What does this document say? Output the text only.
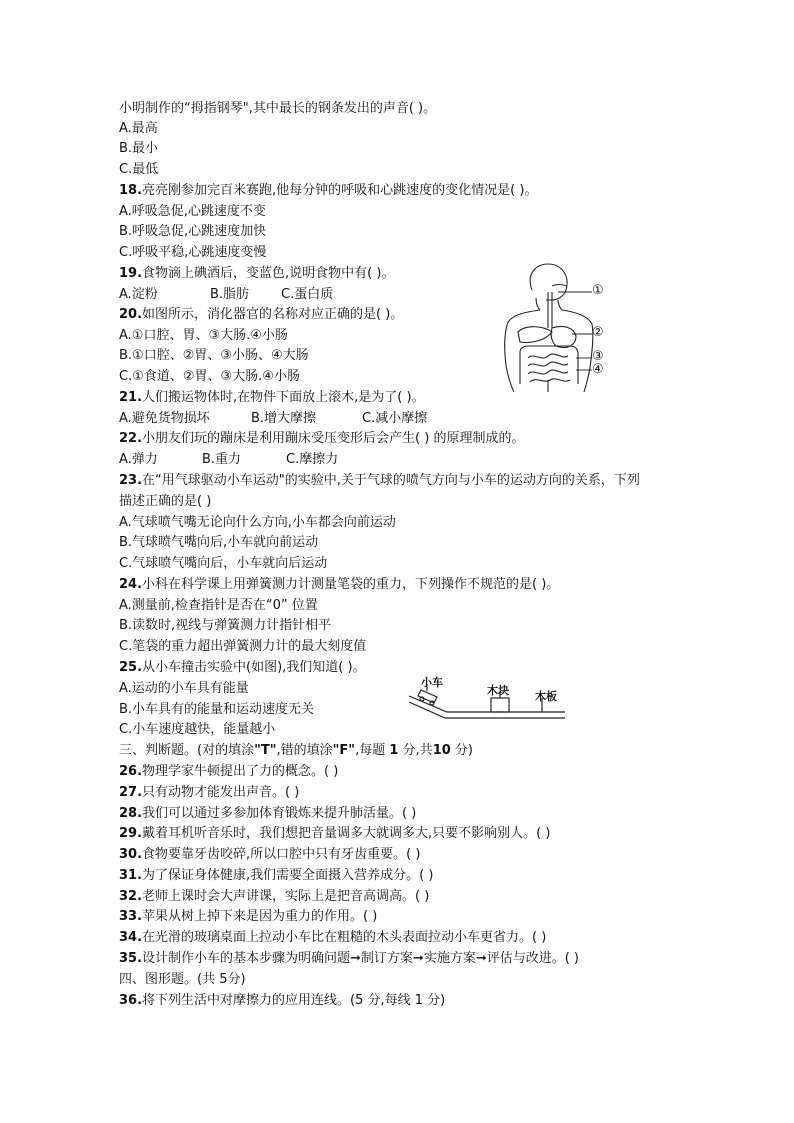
小明制作的“拇指钢琴",其中最长的钢条发出的声音( )。
A.最高
B.最小
C.最低
18.亮亮刚参加完百米赛跑,他每分钟的呼吸和心跳速度的变化情况是( )。
A.呼吸急促,心跳速度不变
B.呼吸急促,心跳速度加快
C.呼吸平稳,心跳速度变慢
19.食物滴上碘酒后，变蓝色,说明食物中有( )。
A.淀粉	B.脂肪 C.蛋白质
20.如图所示，消化器官的名称对应正确的是( )。
A.①口腔、胃、③大肠.④小肠
B.①口腔、②胃、③小肠、④大肠
C.①食道、②胃、③大肠.④小肠
①
②
③
④
21.人们搬运物体时,在物件下面放上滚木,是为了( )。
A.避免货物损坏	B.增大摩擦	C.减小摩擦
22.小朋友们玩的蹦床是利用蹦床受压变形后会产生( ) 的原理制成的。
A.弹力	B.重力	C.摩擦力
23.在“用气球驱动小车运动"的实验中,关于气球的喷气方向与小车的运动方向的关系，下列
描述正确的是( )
A.气球喷气嘴无论向什么方向,小车都会向前运动
B.气球喷气嘴向后,小车就向前运动
C.气球喷气嘴向后，小车就向后运动
24.小科在科学课上用弹簧测力计测量笔袋的重力，下列操作不规范的是( )。
A.测量前,检查指针是否在“0” 位置
B.读数时,视线与弹簧测力计指针相平
C.笔袋的重力超出弹簧测力计的最大刻度值
25.从小车撞击实验中(如图),我们知道( )。
A.运动的小车具有能量
B.小车具有的能量和运动速度无关
C.小车速度越快，能量越小
小车
木块 木板
三、判断题。(对的填涂"T",错的填涂"F",每题 1 分,共10 分)
26.物理学家牛顿提出了力的概念。( )
27.只有动物才能发出声音。( )
28.我们可以通过多参加体育锻炼来提升肺活量。( )
29.戴着耳机听音乐时，我们想把音量调多大就调多大,只要不影响别人。( )
30.食物要靠牙齿咬碎,所以口腔中只有牙齿重要。( )
31.为了保证身体健康,我们需要全面摄入营养成分。( )
32.老师上课时会大声讲课，实际上是把音高调高。( )
33.苹果从树上掉下来是因为重力的作用。( )
34.在光滑的玻璃桌面上拉动小车比在粗糙的木头表面拉动小车更省力。( )
35.设计制作小车的基本步骤为明确问题➞制订方案➞实施方案➞评估与改进。( )
四、图形题。(共 5分)
36.将下列生活中对摩擦力的应用连线。(5 分,每线 1 分)
